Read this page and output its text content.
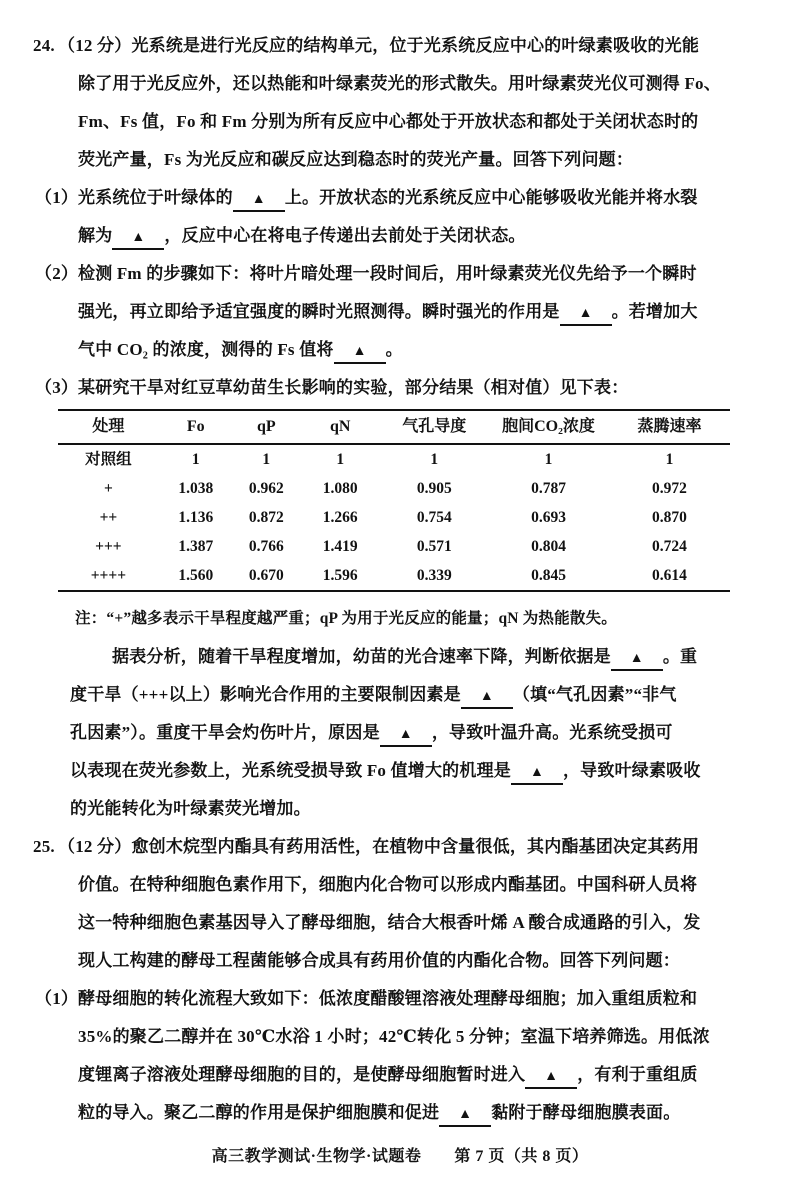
24. （12 分）光系统是进行光反应的结构单元，位于光系统反应中心的叶绿素吸收的光能
除了用于光反应外，还以热能和叶绿素荧光的形式散失。用叶绿素荧光仪可测得 Fo、
Fm、Fs 值，Fo 和 Fm 分别为所有反应中心都处于开放状态和都处于关闭状态时的
荧光产量，Fs 为光反应和碳反应达到稳态时的荧光产量。回答下列问题：
（1） 光系统位于叶绿体的 ▲ 上。开放状态的光系统反应中心能够吸收光能并将水裂
解为 ▲ ，反应中心在将电子传递出去前处于关闭状态。
（2） 检测 Fm 的步骤如下：将叶片暗处理一段时间后，用叶绿素荧光仪先给予一个瞬时
强光，再立即给予适宜强度的瞬时光照测得。瞬时强光的作用是 ▲ 。若增加大
气中 CO₂ 的浓度，测得的 Fs 值将 ▲ 。
（3） 某研究干旱对红豆草幼苗生长影响的实验，部分结果（相对值）见下表：
处理	Fo	qP	qN	气孔导度	胞间CO₂浓度	蒸腾速率
对照组	1	1	1	1	1	1
+	1.038	0.962	1.080	0.905	0.787	0.972
++	1.136	0.872	1.266	0.754	0.693	0.870
+++	1.387	0.766	1.419	0.571	0.804	0.724
++++	1.560	0.670	1.596	0.339	0.845	0.614
注：“+”越多表示干旱程度越严重；qP 为用于光反应的能量；qN 为热能散失。
据表分析，随着干旱程度增加，幼苗的光合速率下降，判断依据是 ▲ 。重
度干旱（+++以上）影响光合作用的主要限制因素是 ▲ （填“气孔因素”“非气
孔因素”）。重度干旱会灼伤叶片，原因是 ▲ ，导致叶温升高。光系统受损可
以表现在荧光参数上，光系统受损导致 Fo 值增大的机理是 ▲ ，导致叶绿素吸收
的光能转化为叶绿素荧光增加。
25. （12 分）愈创木烷型内酯具有药用活性，在植物中含量很低，其内酯基团决定其药用
价值。在特种细胞色素作用下，细胞内化合物可以形成内酯基团。中国科研人员将
这一特种细胞色素基因导入了酵母细胞，结合大根香叶烯 A 酸合成通路的引入，发
现人工构建的酵母工程菌能够合成具有药用价值的内酯化合物。回答下列问题：
（1） 酵母细胞的转化流程大致如下：低浓度醋酸锂溶液处理酵母细胞；加入重组质粒和
35%的聚乙二醇并在 30℃水浴 1 小时；42℃转化 5 分钟；室温下培养筛选。用低浓
度锂离子溶液处理酵母细胞的目的，是使酵母细胞暂时进入 ▲ ，有利于重组质
粒的导入。聚乙二醇的作用是保护细胞膜和促进 ▲ 黏附于酵母细胞膜表面。
高三教学测试·生物学·试题卷　　第 7 页（共 8 页）
